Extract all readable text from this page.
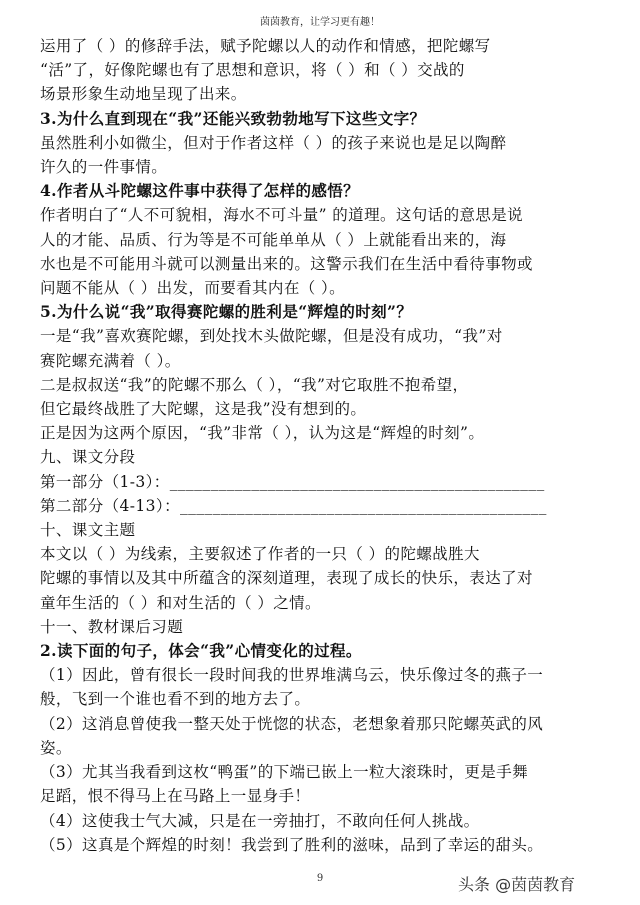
茵茵教育，让学习更有趣！
运用了（ ）的修辞手法，赋予陀螺以人的动作和情感，把陀螺写
“活”了，好像陀螺也有了思想和意识，将（ ）和（ ）交战的
场景形象生动地呈现了出来。
3.为什么直到现在“我”还能兴致勃勃地写下这些文字？
虽然胜利小如微尘，但对于作者这样（ ）的孩子来说也是足以陶醉
许久的一件事情。
4.作者从斗陀螺这件事中获得了怎样的感悟？
作者明白了“人不可貌相，海水不可斗量” 的道理。这句话的意思是说
人的才能、品质、行为等是不可能单单从（ ）上就能看出来的，海
水也是不可能用斗就可以测量出来的。这警示我们在生活中看待事物或
问题不能从（ ）出发，而要看其内在（ ）。
5.为什么说“我”取得赛陀螺的胜利是“辉煌的时刻”？
一是“我”喜欢赛陀螺，到处找木头做陀螺，但是没有成功，“我”对
赛陀螺充满着（ ）。
二是叔叔送“我”的陀螺不那么（ ），“我”对它取胜不抱希望，
但它最终战胜了大陀螺，这是我”没有想到的。
正是因为这两个原因，“我”非常（ ），认为这是“辉煌的时刻”。
九、课文分段
第一部分（1-3）：______________________________________________
第二部分（4-13）：_____________________________________________
十、课文主题
本文以（ ）为线索，主要叙述了作者的一只（ ）的陀螺战胜大
陀螺的事情以及其中所蕴含的深刻道理，表现了成长的快乐，表达了对
童年生活的（ ）和对生活的（ ）之情。
十一、教材课后习题
2.读下面的句子，体会“我”心情变化的过程。
（1）因此，曾有很长一段时间我的世界堆满乌云，快乐像过冬的燕子一
般，飞到一个谁也看不到的地方去了。
（2）这消息曾使我一整天处于恍惚的状态，老想象着那只陀螺英武的风
姿。
（3）尤其当我看到这枚“鸭蛋”的下端已嵌上一粒大滚珠时，更是手舞
足蹈，恨不得马上在马路上一显身手！
（4）这使我士气大减，只是在一旁抽打，不敢向任何人挑战。
（5）这真是个辉煌的时刻！我尝到了胜利的滋味，品到了幸运的甜头。
9	头条 @茵茵教育
